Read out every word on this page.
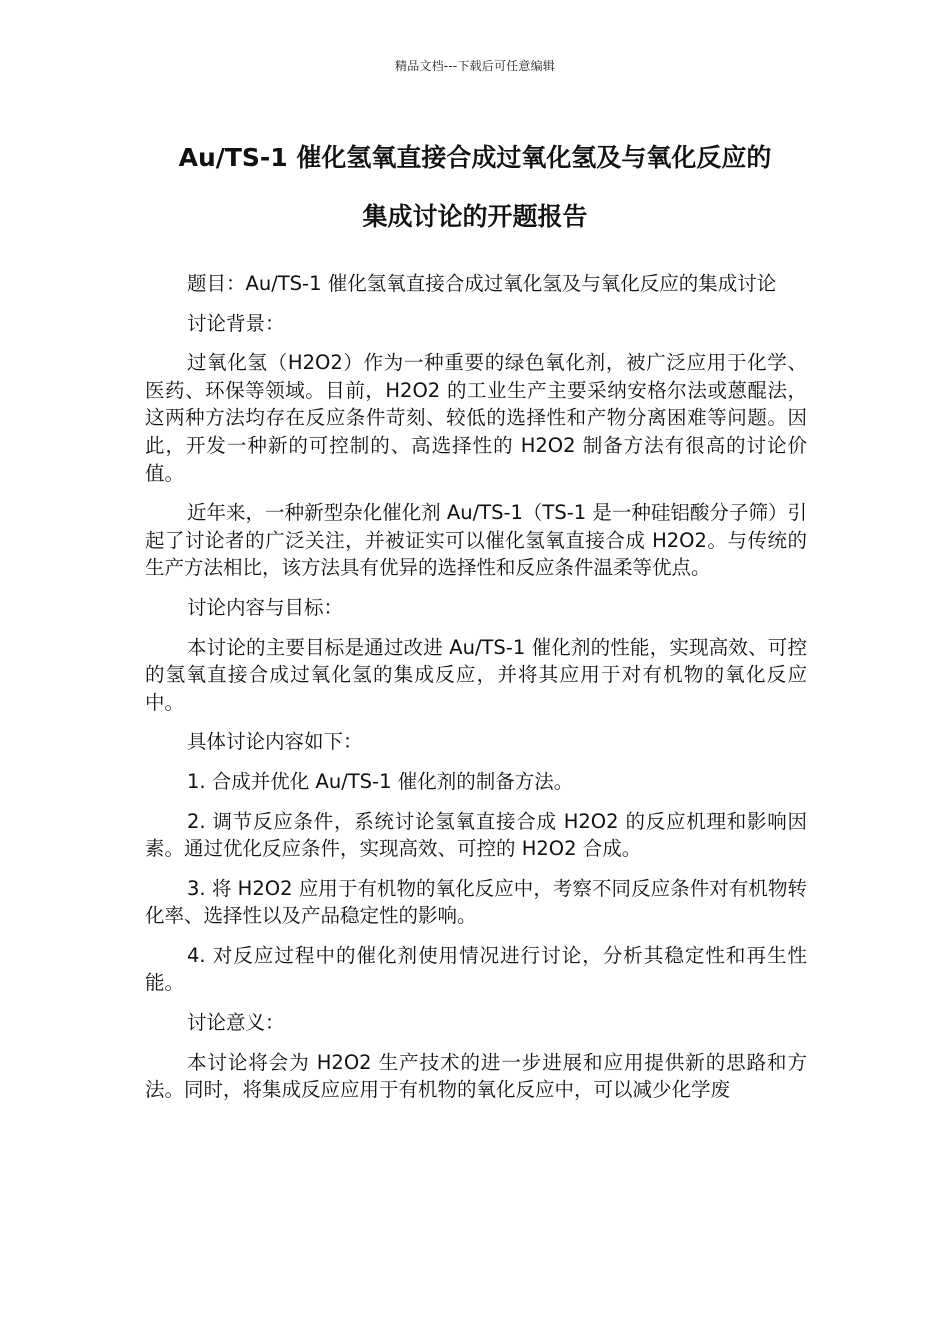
精品文档---下载后可任意编辑
Au/TS-1 催化氢氧直接合成过氧化氢及与氧化反应的
集成讨论的开题报告

题目：Au/TS-1 催化氢氧直接合成过氧化氢及与氧化反应的集成讨论

讨论背景：

过氧化氢（H2O2）作为一种重要的绿色氧化剂，被广泛应用于化学、医药、环保等领域。目前，H2O2 的工业生产主要采纳安格尔法或蒽醌法，这两种方法均存在反应条件苛刻、较低的选择性和产物分离困难等问题。因此，开发一种新的可控制的、高选择性的 H2O2 制备方法有很高的讨论价值。

近年来，一种新型杂化催化剂 Au/TS-1（TS-1 是一种硅铝酸分子筛）引起了讨论者的广泛关注，并被证实可以催化氢氧直接合成 H2O2。与传统的生产方法相比，该方法具有优异的选择性和反应条件温柔等优点。

讨论内容与目标：

本讨论的主要目标是通过改进 Au/TS-1 催化剂的性能，实现高效、可控的氢氧直接合成过氧化氢的集成反应，并将其应用于对有机物的氧化反应中。

具体讨论内容如下：

1. 合成并优化 Au/TS-1 催化剂的制备方法。

2. 调节反应条件，系统讨论氢氧直接合成 H2O2 的反应机理和影响因素。通过优化反应条件，实现高效、可控的 H2O2 合成。

3. 将 H2O2 应用于有机物的氧化反应中，考察不同反应条件对有机物转化率、选择性以及产品稳定性的影响。

4. 对反应过程中的催化剂使用情况进行讨论，分析其稳定性和再生性能。

讨论意义：

本讨论将会为 H2O2 生产技术的进一步进展和应用提供新的思路和方法。同时，将集成反应应用于有机物的氧化反应中，可以减少化学废
